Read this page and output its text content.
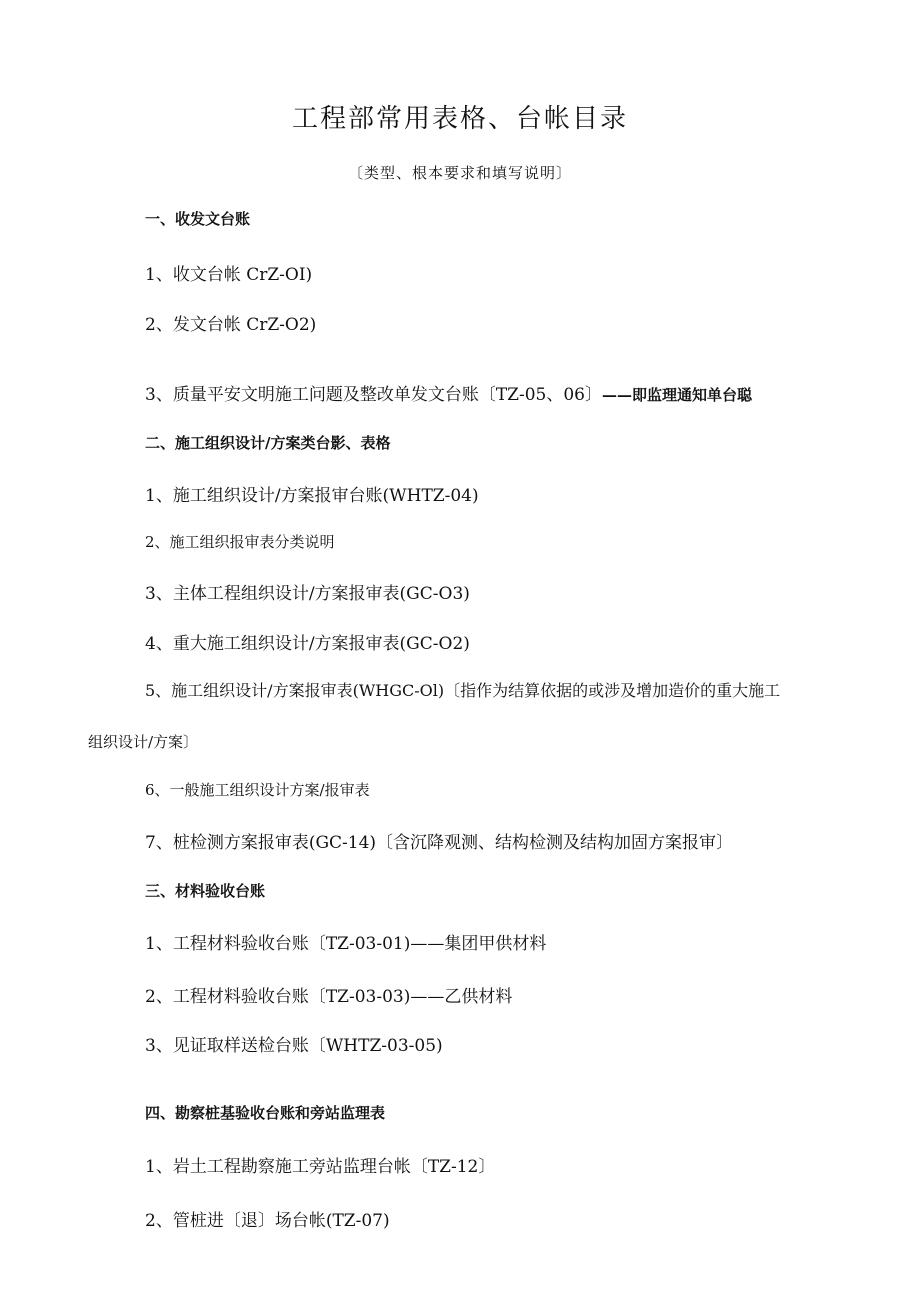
工程部常用表格、台帐目录
〔类型、根本要求和填写说明〕
一、收发文台账
1、收文台帐 CrZ-OI)
2、发文台帐 CrZ-O2)
3、质量平安文明施工问题及整改单发文台账〔TZ-05、06〕——即监理通知单台聪
二、施工组织设计/方案类台影、表格
1、施工组织设计/方案报审台账(WHTZ-04)
2、施工组织报审表分类说明
3、主体工程组织设计/方案报审表(GC-O3)
4、重大施工组织设计/方案报审表(GC-O2)
5、施工组织设计/方案报审表(WHGC-Ol)〔指作为结算依据的或涉及增加造价的重大施工
组织设计/方案〕
6、一般施工组织设计方案/报审表
7、桩检测方案报审表(GC-14)〔含沉降观测、结构检测及结构加固方案报审〕
三、材料验收台账
1、工程材料验收台账〔TZ-03-01)——集团甲供材料
2、工程材料验收台账〔TZ-03-03)——乙供材料
3、见证取样送检台账〔WHTZ-03-05)
四、勘察桩基验收台账和旁站监理表
1、岩土工程勘察施工旁站监理台帐〔TZ-12〕
2、管桩进〔退〕场台帐(TZ-07)
